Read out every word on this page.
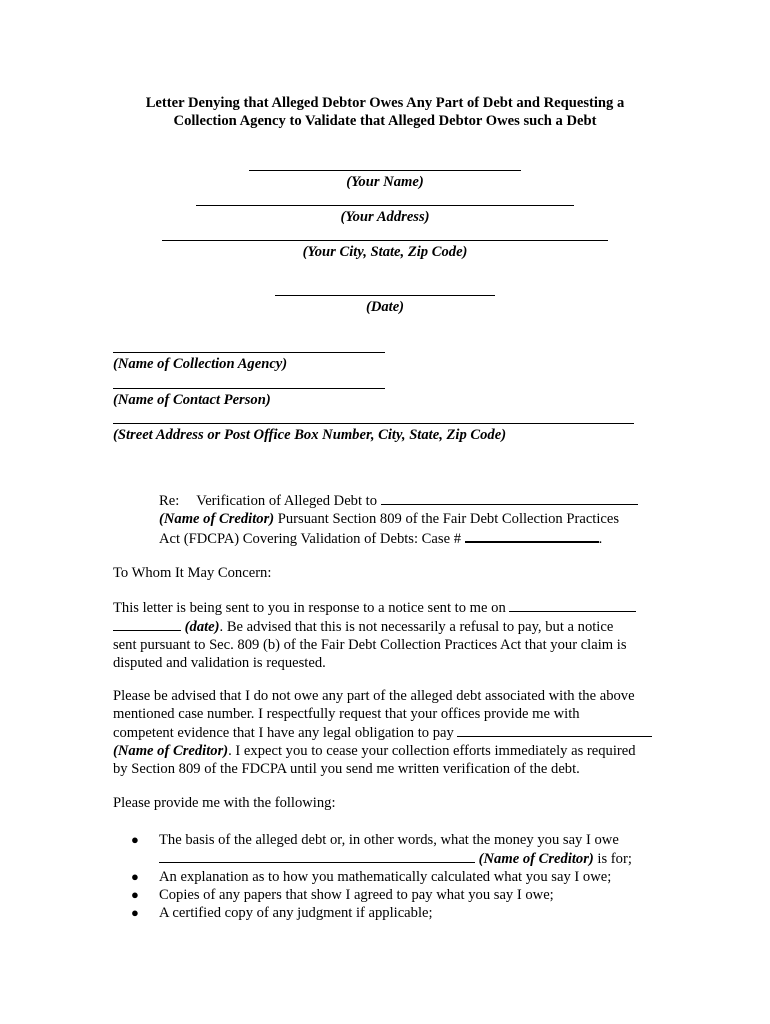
Letter Denying that Alleged Debtor Owes Any Part of Debt and Requesting a
Collection Agency to Validate that Alleged Debtor Owes such a Debt
(Your Name)
(Your Address)
(Your City, State, Zip Code)
(Date)
(Name of Collection Agency)
(Name of Contact Person)
(Street Address or Post Office Box Number, City, State, Zip Code)
Re: Verification of Alleged Debt to
(Name of Creditor) Pursuant Section 809 of the Fair Debt Collection Practices
Act (FDCPA) Covering Validation of Debts: Case #	.
To Whom It May Concern:
This letter is being sent to you in response to a notice sent to me on
(date). Be advised that this is not necessarily a refusal to pay, but a notice
sent pursuant to Sec. 809 (b) of the Fair Debt Collection Practices Act that your claim is
disputed and validation is requested.
Please be advised that I do not owe any part of the alleged debt associated with the above
mentioned case number. I respectfully request that your offices provide me with
competent evidence that I have any legal obligation to pay
(Name of Creditor). I expect you to cease your collection efforts immediately as required
by Section 809 of the FDCPA until you send me written verification of the debt.
Please provide me with the following:
● The basis of the alleged debt or, in other words, what the money you say I owe
(Name of Creditor) is for;
● An explanation as to how you mathematically calculated what you say I owe;
● Copies of any papers that show I agreed to pay what you say I owe;
● A certified copy of any judgment if applicable;
